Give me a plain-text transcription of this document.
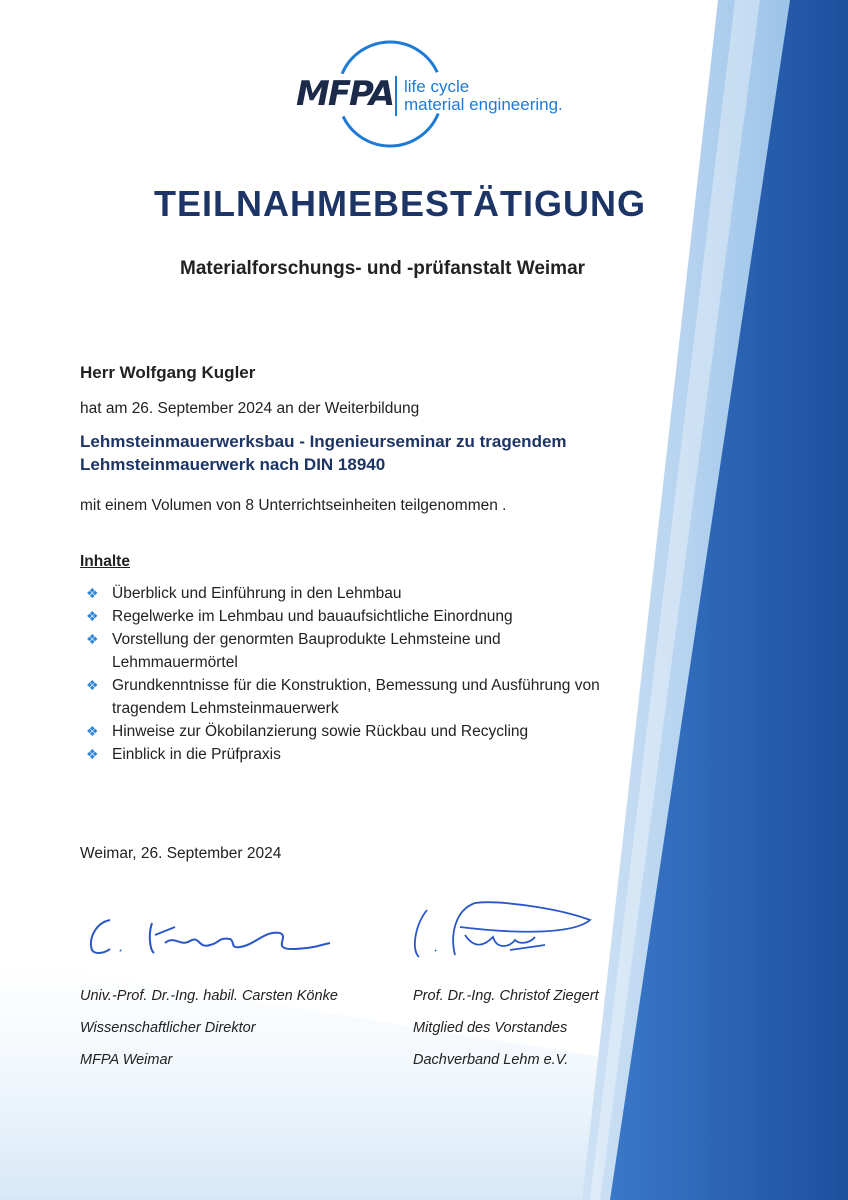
MFPA life cycle
material engineering.
TEILNAHMEBESTÄTIGUNG
Materialforschungs- und -prüfanstalt Weimar
Herr Wolfgang Kugler
hat am 26. September 2024 an der Weiterbildung
Lehmsteinmauerwerksbau - Ingenieurseminar zu tragendem
Lehmsteinmauerwerk nach DIN 18940
mit einem Volumen von 8 Unterrichtseinheiten teilgenommen .
Inhalte
❖ Überblick und Einführung in den Lehmbau
❖ Regelwerke im Lehmbau und bauaufsichtliche Einordnung
❖ Vorstellung der genormten Bauprodukte Lehmsteine und Lehmmauermörtel
❖ Grundkenntnisse für die Konstruktion, Bemessung und Ausführung von tragendem Lehmsteinmauerwerk
❖ Hinweise zur Ökobilanzierung sowie Rückbau und Recycling
❖ Einblick in die Prüfpraxis
Weimar, 26. September 2024
Univ.-Prof. Dr.-Ing. habil. Carsten Könke
Wissenschaftlicher Direktor
MFPA Weimar
Prof. Dr.-Ing. Christof Ziegert
Mitglied des Vorstandes
Dachverband Lehm e.V.
